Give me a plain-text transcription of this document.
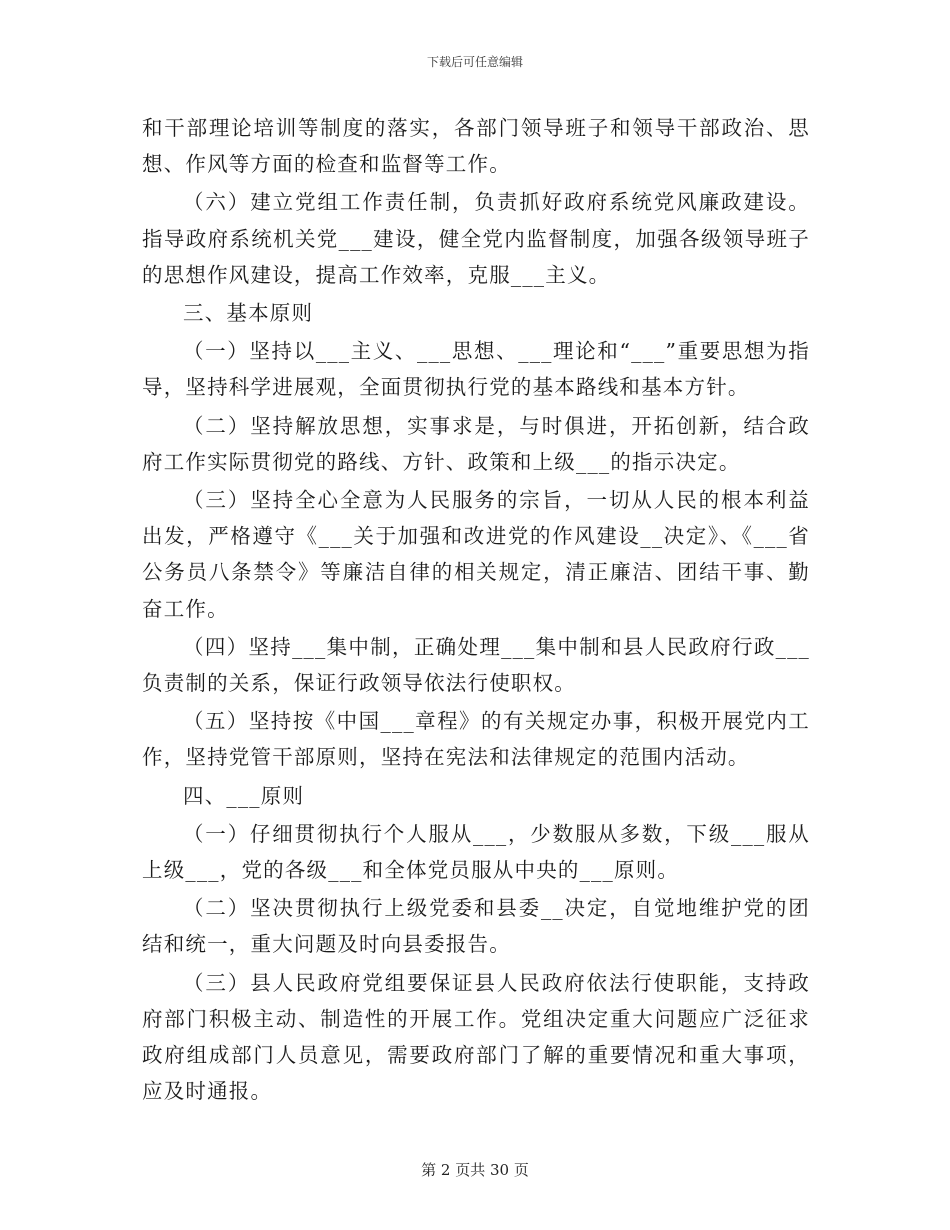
下载后可任意编辑

和干部理论培训等制度的落实，各部门领导班子和领导干部政治、思想、作风等方面的检查和监督等工作。

（六）建立党组工作责任制，负责抓好政府系统党风廉政建设。指导政府系统机关党___建设，健全党内监督制度，加强各级领导班子的思想作风建设，提高工作效率，克服___主义。

三、基本原则

（一）坚持以___主义、___思想、___理论和“___”重要思想为指导，坚持科学进展观，全面贯彻执行党的基本路线和基本方针。

（二）坚持解放思想，实事求是，与时俱进，开拓创新，结合政府工作实际贯彻党的路线、方针、政策和上级___的指示决定。

（三）坚持全心全意为人民服务的宗旨，一切从人民的根本利益出发，严格遵守《___关于加强和改进党的作风建设__决定》、《___省公务员八条禁令》等廉洁自律的相关规定，清正廉洁、团结干事、勤奋工作。

（四）坚持___集中制，正确处理___集中制和县人民政府行政___负责制的关系，保证行政领导依法行使职权。

（五）坚持按《中国___章程》的有关规定办事，积极开展党内工作，坚持党管干部原则，坚持在宪法和法律规定的范围内活动。

四、___原则

（一）仔细贯彻执行个人服从___，少数服从多数，下级___服从上级___，党的各级___和全体党员服从中央的___原则。

（二）坚决贯彻执行上级党委和县委__决定，自觉地维护党的团结和统一，重大问题及时向县委报告。

（三）县人民政府党组要保证县人民政府依法行使职能，支持政府部门积极主动、制造性的开展工作。党组决定重大问题应广泛征求政府组成部门人员意见，需要政府部门了解的重要情况和重大事项，应及时通报。

第 2 页共 30 页
